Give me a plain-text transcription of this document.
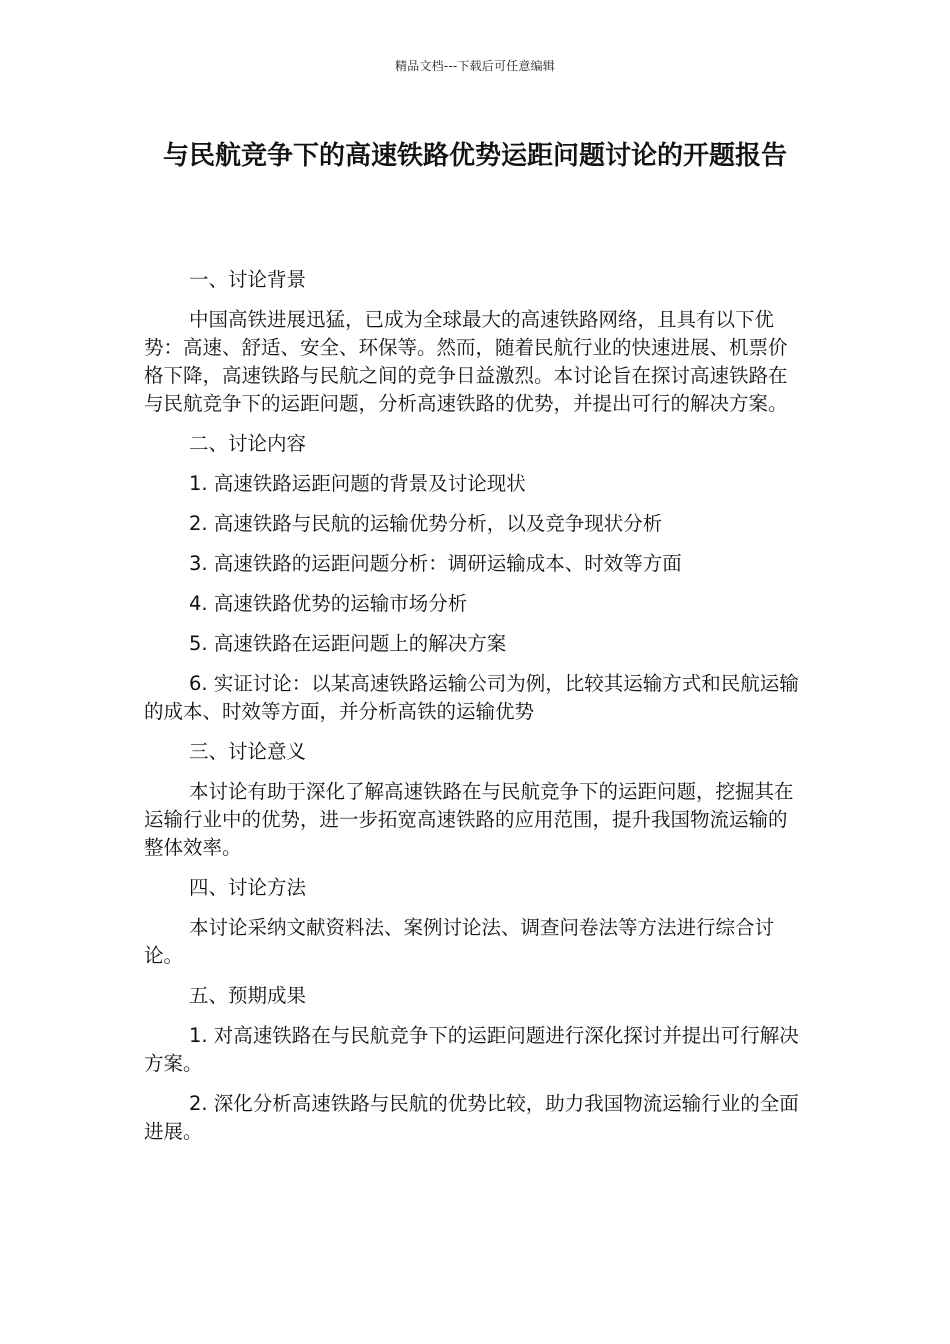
精品文档---下载后可任意编辑
与民航竞争下的高速铁路优势运距问题讨论的开题报告

一、讨论背景

中国高铁进展迅猛，已成为全球最大的高速铁路网络，且具有以下优势：高速、舒适、安全、环保等。然而，随着民航行业的快速进展、机票价格下降，高速铁路与民航之间的竞争日益激烈。本讨论旨在探讨高速铁路在与民航竞争下的运距问题，分析高速铁路的优势，并提出可行的解决方案。

二、讨论内容

1. 高速铁路运距问题的背景及讨论现状

2. 高速铁路与民航的运输优势分析，以及竞争现状分析

3. 高速铁路的运距问题分析：调研运输成本、时效等方面

4. 高速铁路优势的运输市场分析

5. 高速铁路在运距问题上的解决方案

6. 实证讨论：以某高速铁路运输公司为例，比较其运输方式和民航运输的成本、时效等方面，并分析高铁的运输优势

三、讨论意义

本讨论有助于深化了解高速铁路在与民航竞争下的运距问题，挖掘其在运输行业中的优势，进一步拓宽高速铁路的应用范围，提升我国物流运输的整体效率。

四、讨论方法

本讨论采纳文献资料法、案例讨论法、调查问卷法等方法进行综合讨论。

五、预期成果

1. 对高速铁路在与民航竞争下的运距问题进行深化探讨并提出可行解决方案。

2. 深化分析高速铁路与民航的优势比较，助力我国物流运输行业的全面进展。
